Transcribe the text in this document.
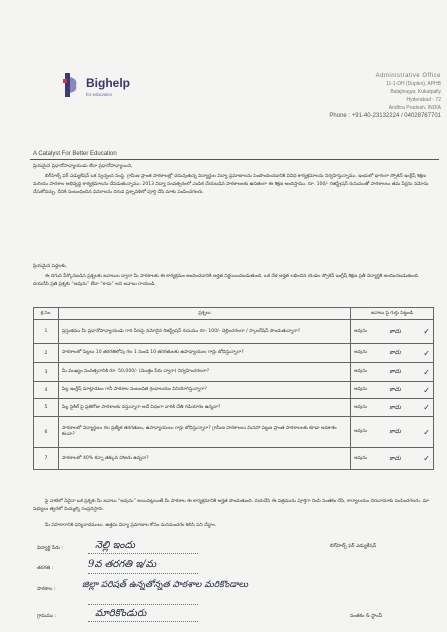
Bighelp
for education
A Catalyst For Better Education
Administrative Office
11-1-DH (Duplex), APHB
Balajinagar, Kukatpally
Hyderabad - 72
Andhra Pradesh, INDIA
Phone : +91-40-23132224 / 04028767701
ప్రియమైన ప్రధానోపాధ్యాయుడు లేదా ప్రధానోపాధ్యాయిని,
బిగ్‌హెల్ప్ ఫర్ ఎడ్యుకేషన్ ఒక స్వచ్ఛంద సంస్థ. గ్రామీణ ప్రాంత పాఠశాలల్లో చదువుతున్న విద్యార్థుల విద్యా ప్రమాణాలను పెంపొందించడానికి వివిధ కార్యక్రమాలను నిర్వహిస్తున్నాము. ఇందులో భాగంగా స్పోకెన్ ఇంగ్లీష్ శిక్షణ మరియు పాఠశాల అభివృద్ధి కార్యక్రమాలను చేపడుతున్నాము. 2013 విద్యా సంవత్సరంలో ఎంపిక చేయబడిన పాఠశాలలకు ఉచితంగా ఈ శిక్షణ అందిస్తాము. రూ. 100/- రిజిస్ట్రేషన్ రుసుముతో పాఠశాలలు తమ పేర్లను నమోదు చేసుకోవచ్చు. దీనికి సంబంధించిన వివరాలను దిగువ ప్రశ్నావళిలో పూర్తి చేసి మాకు పంపించగలరు.
ప్రియమైన పెద్దలకు,
ఈ దిగువ పేర్కొనబడిన ప్రశ్నలకు జవాబుల ద్వారా మీ పాఠశాలకు ఈ కార్యక్రమం అందించడానికి అర్హత నిర్ణయించబడుతుంది. ఒక వేళ అర్హత లభించిన యెడల స్పోకెన్ ఇంగ్లీష్ శిక్షణ ప్రతీ విద్యార్థికి అందించబడుతుంది. దయచేసి ప్రతి ప్రశ్నకు “అవును” లేదా “కాదు” అని జవాబు రాయండి.
క్ర.సం.	ప్రశ్నలు	జవాబు పై గుర్తు పెట్టండి
1	ప్రస్తుతము మీ ప్రధానోపాధ్యాయుడు గారి పేరుపై నమోదైన రిజిస్ట్రేషన్ రుసుము రూ. 100/- చెల్లించగలరా / స్కాలర్‌షిప్ పొందుతున్నారా?	అవును కాదు ✓

2	పాఠశాలలో పిల్లలు 10 తరగతిలోపు గల 1 నుండి 10 తరగతులకు ఉపాధ్యాయుల గార్లు బోధిస్తున్నారా?	అవును కాదు ✓

3	మీ ముఖ్యం సంవత్సరానికి రూ. 50,000/- (మొత్తం పేరు ద్వారా) నిర్వహించగలరా?	అవును కాదు ✓

4	పిల్ల ఇంగ్లీష్ మాట్లాడటం గానీ పాఠశాల సంబంధిత గ్రంధాలయం వినియోగిస్తున్నారా?	అవును కాదు ✓

5	పిల్ల సైకిల్ పై ప్రతిరోజు పాఠశాలకు వస్తున్నారా అదే విధంగా వారికి చేతి గడియారం ఉన్నదా?	అవును కాదు ✓

6	పాఠశాలలో విద్యార్థులు గల ప్రత్యేక తరగతులు, ఉపాధ్యాయులు గార్లు బోధిస్తున్నారా? గ్రామీణ పాఠశాలలు మినహా పట్టణ ప్రాంత పాఠశాలలకు కూడా అవకాశం కలదా?	అవును కాదు ✓

7	పాఠశాలలో 40% కన్నా తక్కువ హాజరు ఉన్నదా?	అవును కాదు ✓
పై వాటిలో ఏదైనా ఒక ప్రశ్నకు మీ జవాబు “అవును” అయినట్లయితే మీ పాఠశాల ఈ కార్యక్రమానికి అర్హత పొందుతుంది. దయచేసి ఈ పత్రమును పూర్తిగా నింపి సంతకం చేసి, కార్యాలయం చిరునామాకు పంపించగలరు. మా సభ్యులు త్వరలో మిమ్మల్ని సంప్రదిస్తారు.
మీ సహకారానికి ధన్యవాదములు. ఉత్తమ విద్యా ప్రమాణాల కోసం మనమందరం కలిసి పని చేద్దాం.
విద్యార్థి పేరు :	నెల్లి ఇందు
తరగతి :	9వ తరగతి ఇ/మ
పాఠశాల :	జిల్లా పరిషత్ ఉన్నతోన్నత పాఠశాల మరికొండాలు
గ్రామము :	మారికొండురు
బిగ్‌హెల్ప్ ఫర్ ఎడ్యుకేషన్
సంతకం & స్టాంప్
